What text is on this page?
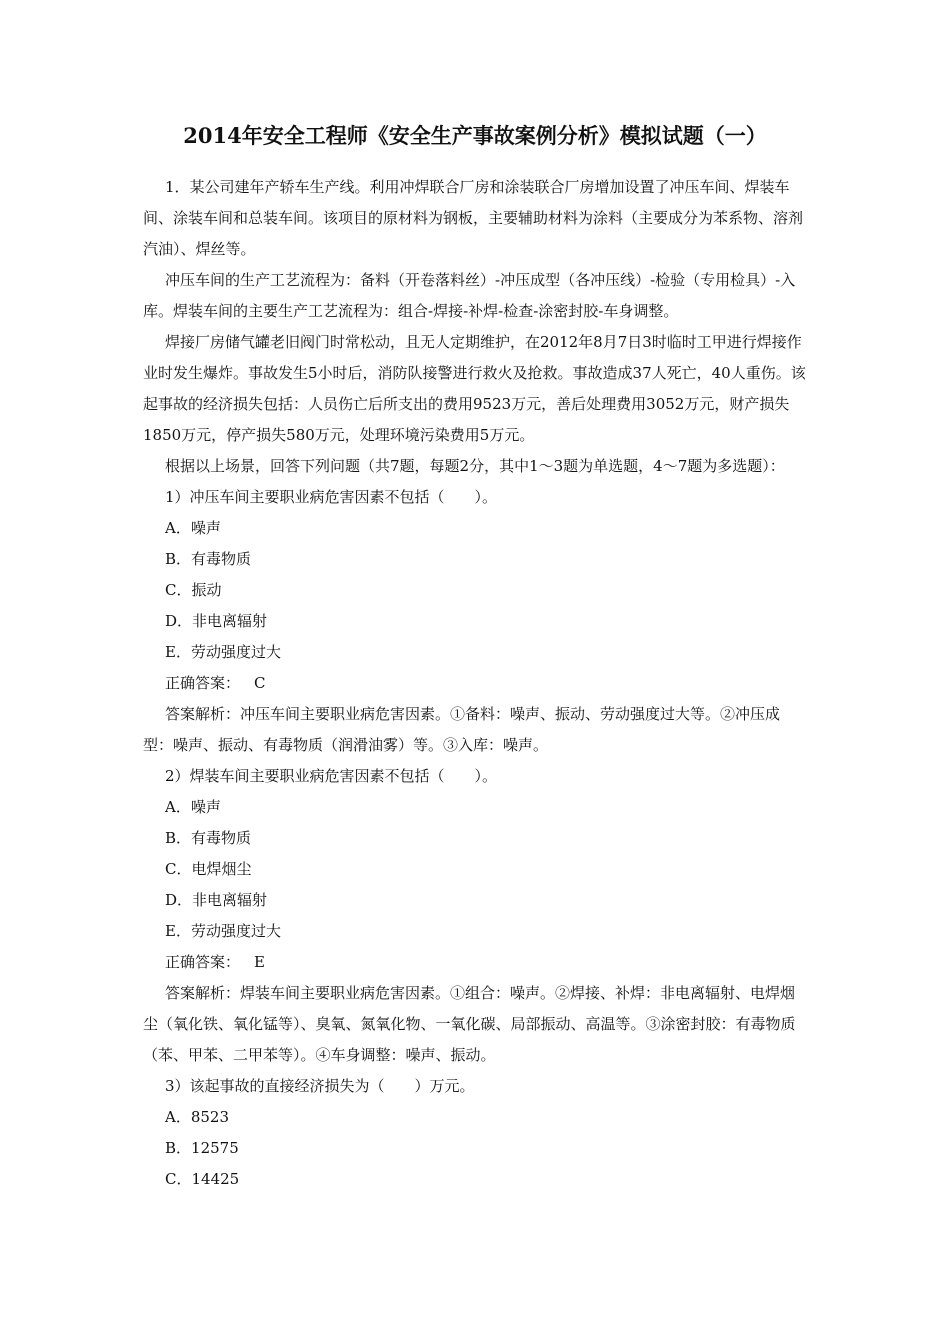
2014年安全工程师《安全生产事故案例分析》模拟试题（一）

1．某公司建年产轿车生产线。利用冲焊联合厂房和涂装联合厂房增加设置了冲压车间、焊装车间、涂装车间和总装车间。该项目的原材料为钢板，主要辅助材料为涂料（主要成分为苯系物、溶剂汽油）、焊丝等。

冲压车间的生产工艺流程为：备料（开卷落料丝）-冲压成型（各冲压线）-检验（专用检具）-入库。焊装车间的主要生产工艺流程为：组合-焊接-补焊-检查-涂密封胶-车身调整。

焊接厂房储气罐老旧阀门时常松动，且无人定期维护，在2012年8月7日3时临时工甲进行焊接作业时发生爆炸。事故发生5小时后，消防队接警进行救火及抢救。事故造成37人死亡，40人重伤。该起事故的经济损失包括：人员伤亡后所支出的费用9523万元，善后处理费用3052万元，财产损失1850万元，停产损失580万元，处理环境污染费用5万元。

根据以上场景，回答下列问题（共7题，每题2分，其中1～3题为单选题，4～7题为多选题）：

1）冲压车间主要职业病危害因素不包括（　　）。

A．噪声

B．有毒物质

C．振动

D．非电离辐射

E．劳动强度过大

正确答案： C

答案解析：冲压车间主要职业病危害因素。①备料：噪声、振动、劳动强度过大等。②冲压成型：噪声、振动、有毒物质（润滑油雾）等。③入库：噪声。

2）焊装车间主要职业病危害因素不包括（　　）。

A．噪声

B．有毒物质

C．电焊烟尘

D．非电离辐射

E．劳动强度过大

正确答案： E

答案解析：焊装车间主要职业病危害因素。①组合：噪声。②焊接、补焊：非电离辐射、电焊烟尘（氧化铁、氧化锰等）、臭氧、氮氧化物、一氧化碳、局部振动、高温等。③涂密封胶：有毒物质（苯、甲苯、二甲苯等）。④车身调整：噪声、振动。

3）该起事故的直接经济损失为（　　）万元。

A．8523

B．12575

C．14425
